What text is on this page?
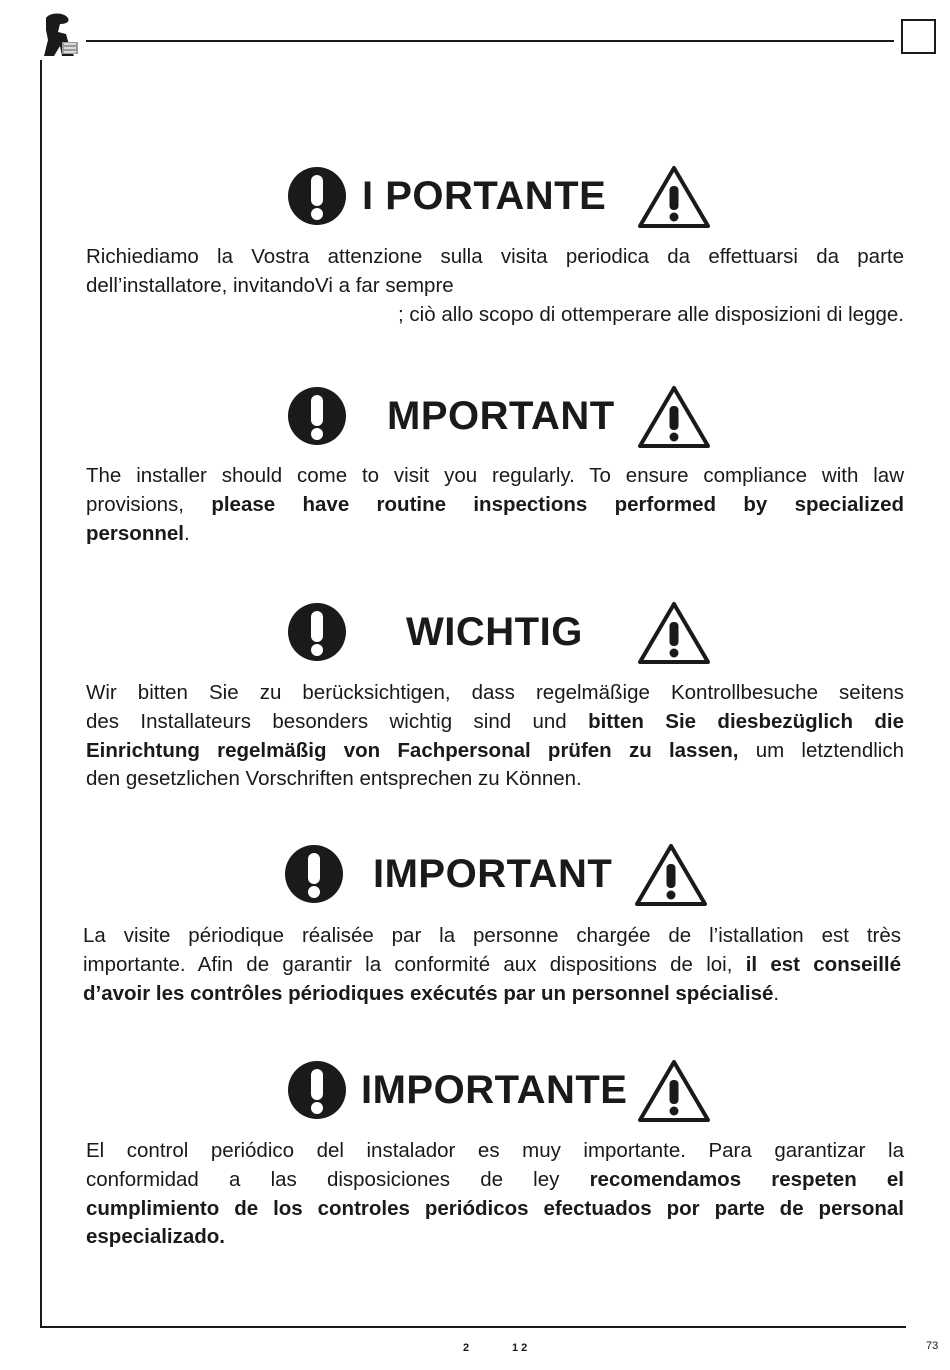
2	1 2	73
I PORTANTE
Richiediamo la Vostra attenzione sulla visita periodica da effettuarsi da parte
dell’installatore, invitandoVi a far sempre
; ciò allo scopo di ottemperare alle disposizioni di legge.
MPORTANT
The installer should come to visit you regularly. To ensure compliance with law
provisions, please have routine inspections performed by specialized
personnel.
WICHTIG
Wir bitten Sie zu berücksichtigen, dass regelmäßige Kontrollbesuche seitens
des Installateurs besonders wichtig sind und bitten Sie diesbezüglich die
Einrichtung regelmäßig von Fachpersonal prüfen zu lassen, um letztendlich
den gesetzlichen Vorschriften entsprechen zu Können.
IMPORTANT
La visite périodique réalisée par la personne chargée de l’istallation est très
importante. Afin de garantir la conformité aux dispositions de loi, il est conseillé
d’avoir les contrôles périodiques exécutés par un personnel spécialisé.
IMPORTANTE
El control periódico del instalador es muy importante. Para garantizar la
conformidad a las disposiciones de ley recomendamos respeten el
cumplimiento de los controles periódicos efectuados por parte de personal
especializado.
